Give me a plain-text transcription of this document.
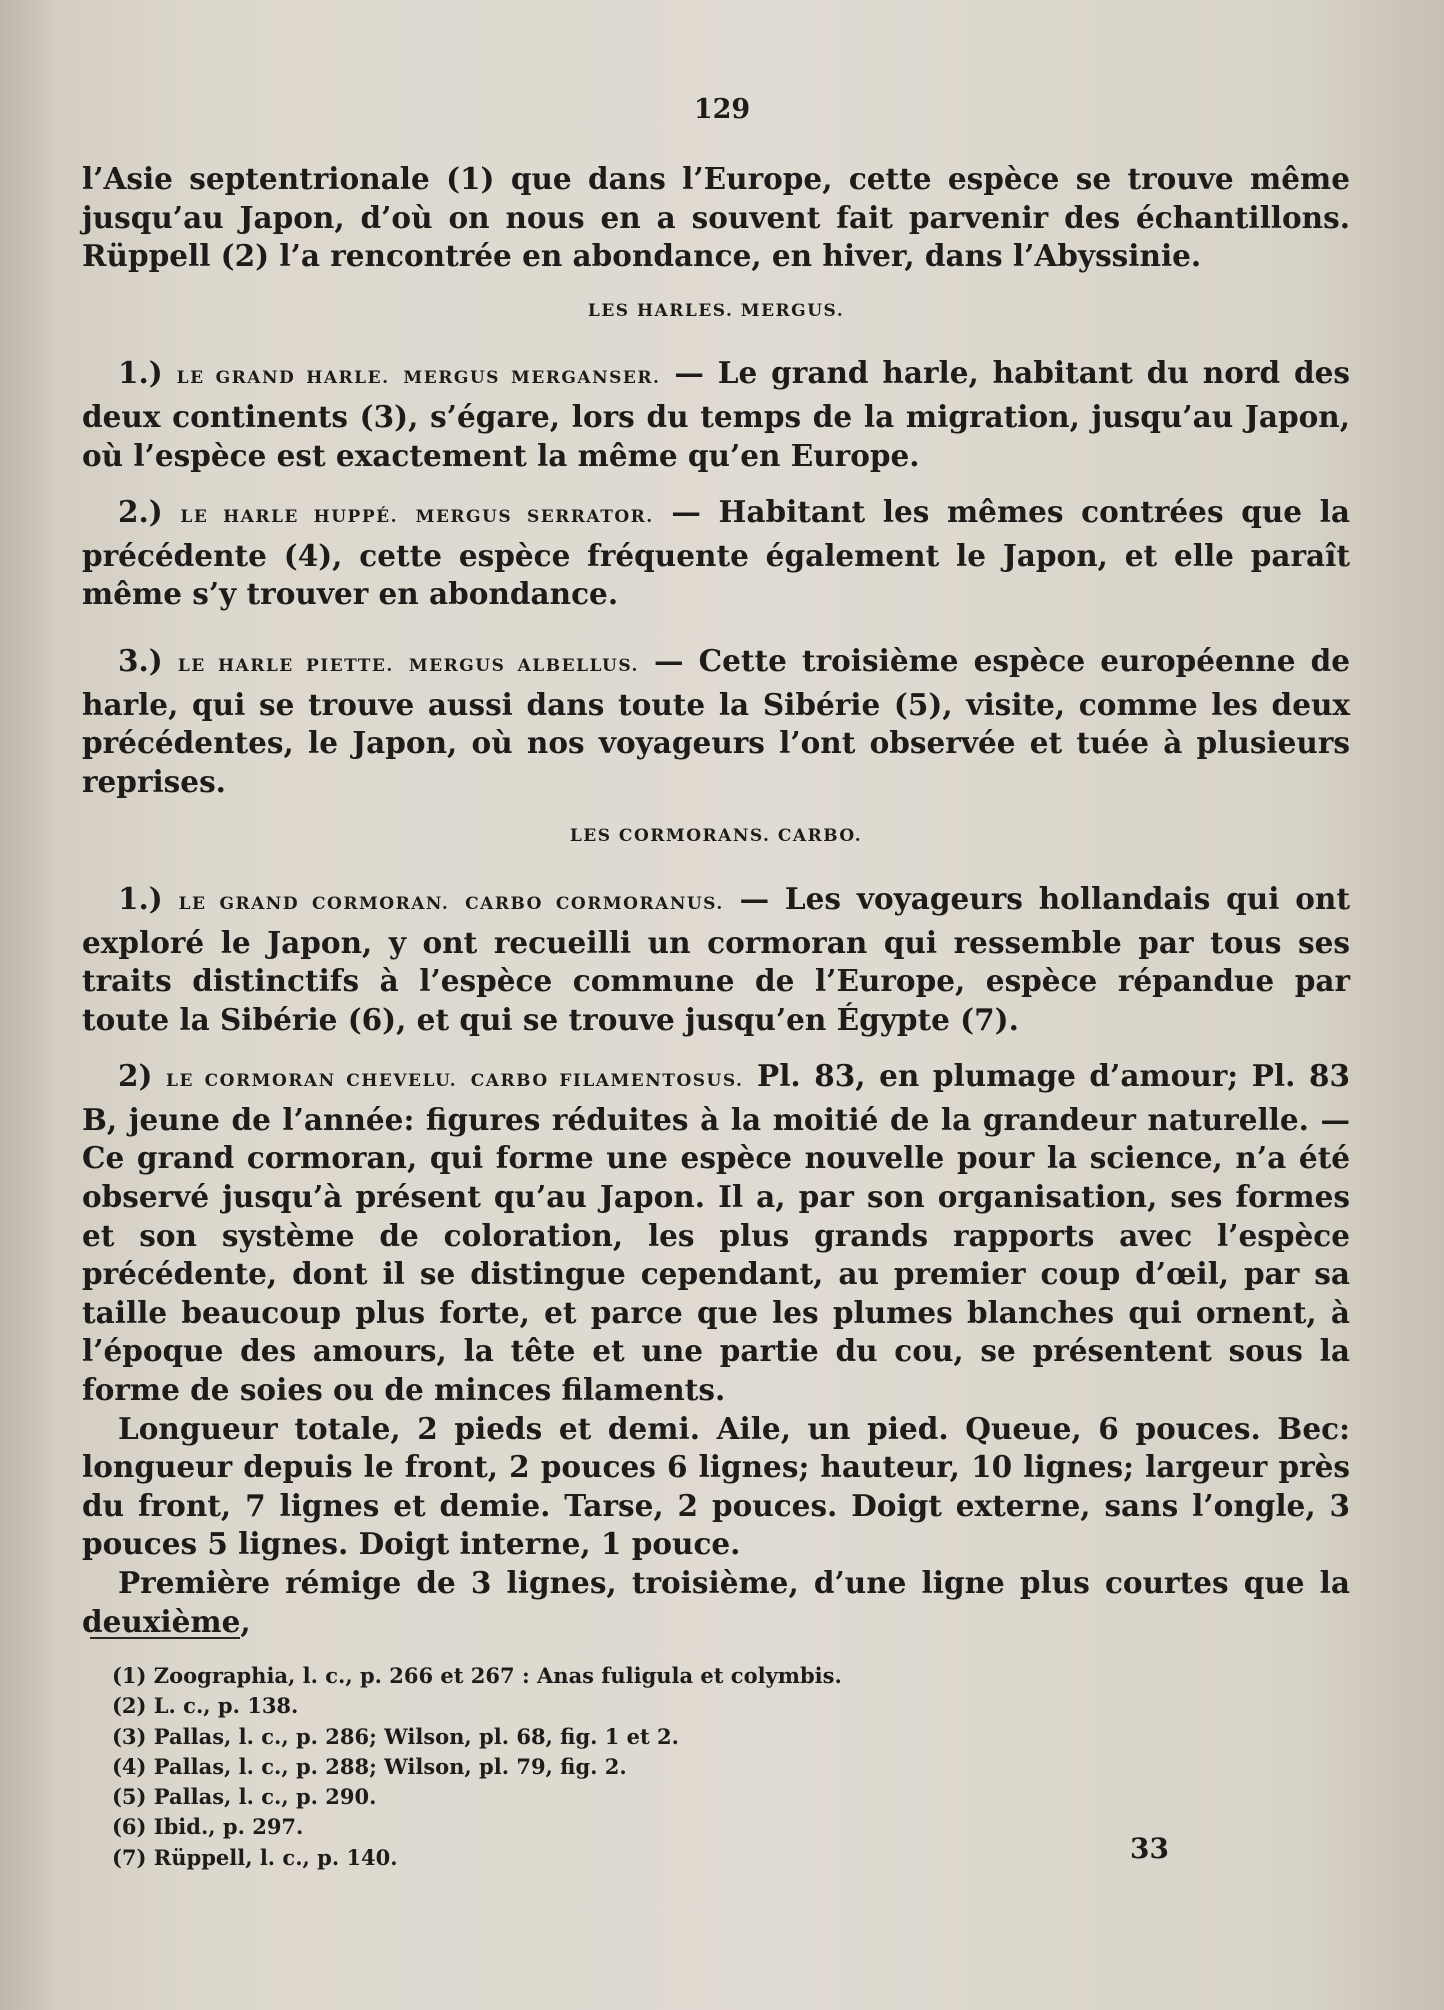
129

l’Asie septentrionale (1) que dans l’Europe, cette espèce se trouve même jusqu’au Japon, d’où on nous en a souvent fait parvenir des échantillons. Rüppell (2) l’a rencontrée en abondance, en hiver, dans l’Abyssinie.

LES HARLES. MERGUS.

1.) LE GRAND HARLE. MERGUS MERGANSER. — Le grand harle, habitant du nord des deux continents (3), s’égare, lors du temps de la migration, jusqu’au Japon, où l’espèce est exactement la même qu’en Europe.

2.) LE HARLE HUPPÉ. MERGUS SERRATOR. — Habitant les mêmes contrées que la précédente (4), cette espèce fréquente également le Japon, et elle paraît même s’y trouver en abondance.

3.) LE HARLE PIETTE. MERGUS ALBELLUS. — Cette troisième espèce européenne de harle, qui se trouve aussi dans toute la Sibérie (5), visite, comme les deux précédentes, le Japon, où nos voyageurs l’ont observée et tuée à plusieurs reprises.

LES CORMORANS. CARBO.

1.) LE GRAND CORMORAN. CARBO CORMORANUS. — Les voyageurs hollandais qui ont exploré le Japon, y ont recueilli un cormoran qui ressemble par tous ses traits distinctifs à l’espèce commune de l’Europe, espèce répandue par toute la Sibérie (6), et qui se trouve jusqu’en Égypte (7).

2) LE CORMORAN CHEVELU. CARBO FILAMENTOSUS. Pl. 83, en plumage d’amour; Pl. 83 B, jeune de l’année: figures réduites à la moitié de la grandeur naturelle. — Ce grand cormoran, qui forme une espèce nouvelle pour la science, n’a été observé jusqu’à présent qu’au Japon. Il a, par son organisation, ses formes et son système de coloration, les plus grands rapports avec l’espèce précédente, dont il se distingue cependant, au premier coup d’œil, par sa taille beaucoup plus forte, et parce que les plumes blanches qui ornent, à l’époque des amours, la tête et une partie du cou, se présentent sous la forme de soies ou de minces filaments.

Longueur totale, 2 pieds et demi. Aile, un pied. Queue, 6 pouces. Bec: longueur depuis le front, 2 pouces 6 lignes; hauteur, 10 lignes; largeur près du front, 7 lignes et demie. Tarse, 2 pouces. Doigt externe, sans l’ongle, 3 pouces 5 lignes. Doigt interne, 1 pouce.

Première rémige de 3 lignes, troisième, d’une ligne plus courtes que la deuxième,

(1) Zoographia, l. c., p. 266 et 267 : Anas fuligula et colymbis.

(2) L. c., p. 138.

(3) Pallas, l. c., p. 286; Wilson, pl. 68, fig. 1 et 2.

(4) Pallas, l. c., p. 288; Wilson, pl. 79, fig. 2.

(5) Pallas, l. c., p. 290.

(6) Ibid., p. 297.

(7) Rüppell, l. c., p. 140.	33
